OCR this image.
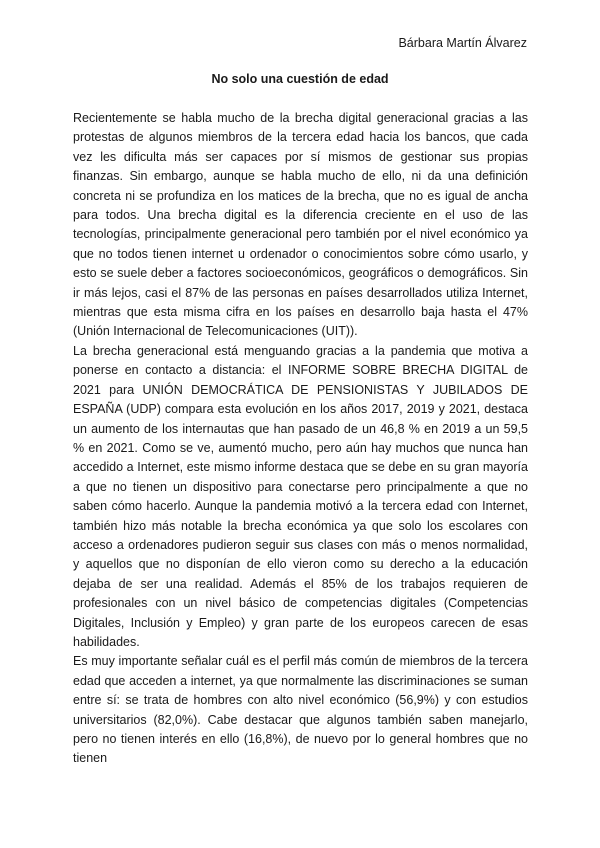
Bárbara Martín Álvarez
No solo una cuestión de edad

Recientemente se habla mucho de la brecha digital generacional gracias a las protestas de algunos miembros de la tercera edad hacia los bancos, que cada vez les dificulta más ser capaces por sí mismos de gestionar sus propias finanzas. Sin embargo, aunque se habla mucho de ello, ni da una definición concreta ni se profundiza en los matices de la brecha, que no es igual de ancha para todos. Una brecha digital es la diferencia creciente en el uso de las tecnologías, principalmente generacional pero también por el nivel económico ya que no todos tienen internet u ordenador o conocimientos sobre cómo usarlo, y esto se suele deber a factores socioeconómicos, geográficos o demográficos. Sin ir más lejos, casi el 87% de las personas en países desarrollados utiliza Internet, mientras que esta misma cifra en los países en desarrollo baja hasta el 47% (Unión Internacional de Telecomunicaciones (UIT)).

La brecha generacional está menguando gracias a la pandemia que motiva a ponerse en contacto a distancia: el INFORME SOBRE BRECHA DIGITAL de 2021 para UNIÓN DEMOCRÁTICA DE PENSIONISTAS Y JUBILADOS DE ESPAÑA (UDP) compara esta evolución en los años 2017, 2019 y 2021, destaca un aumento de los internautas que han pasado de un 46,8 % en 2019 a un 59,5 % en 2021. Como se ve, aumentó mucho, pero aún hay muchos que nunca han accedido a Internet, este mismo informe destaca que se debe en su gran mayoría a que no tienen un dispositivo para conectarse pero principalmente a que no saben cómo hacerlo. Aunque la pandemia motivó a la tercera edad con Internet, también hizo más notable la brecha económica ya que solo los escolares con acceso a ordenadores pudieron seguir sus clases con más o menos normalidad, y aquellos que no disponían de ello vieron como su derecho a la educación dejaba de ser una realidad. Además el 85% de los trabajos requieren de profesionales con un nivel básico de competencias digitales (Competencias Digitales, Inclusión y Empleo) y gran parte de los europeos carecen de esas habilidades.

Es muy importante señalar cuál es el perfil más común de miembros de la tercera edad que acceden a internet, ya que normalmente las discriminaciones se suman entre sí: se trata de hombres con alto nivel económico (56,9%) y con estudios universitarios (82,0%). Cabe destacar que algunos también saben manejarlo, pero no tienen interés en ello (16,8%), de nuevo por lo general hombres que no tienen
